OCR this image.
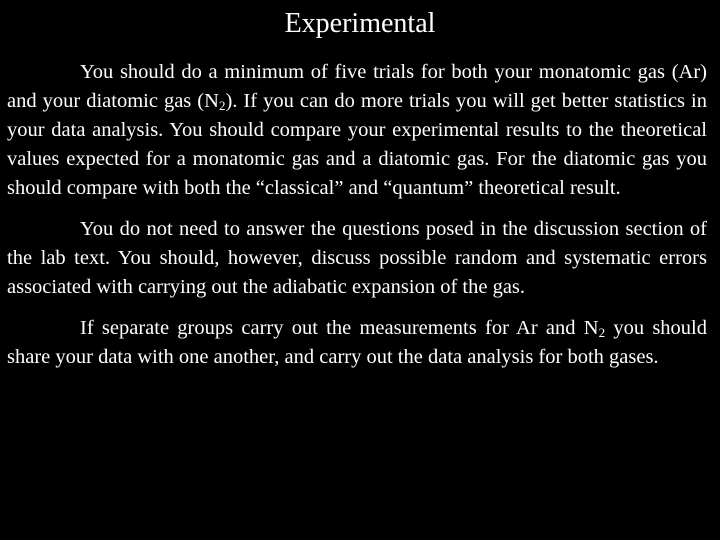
Experimental

You should do a minimum of five trials for both your monatomic gas (Ar) and your diatomic gas $(N_2)$. If you can do more trials you will get better statistics in your data analysis. You should compare your experimental results to the theoretical values expected for a monatomic gas and a diatomic gas. For the diatomic gas you should compare with both the “classical” and “quantum” theoretical result.

You do not need to answer the questions posed in the discussion section of the lab text. You should, however, discuss possible random and systematic errors associated with carrying out the adiabatic expansion of the gas.

If separate groups carry out the measurements for Ar and $N_2$ you should share your data with one another, and carry out the data analysis for both gases.
